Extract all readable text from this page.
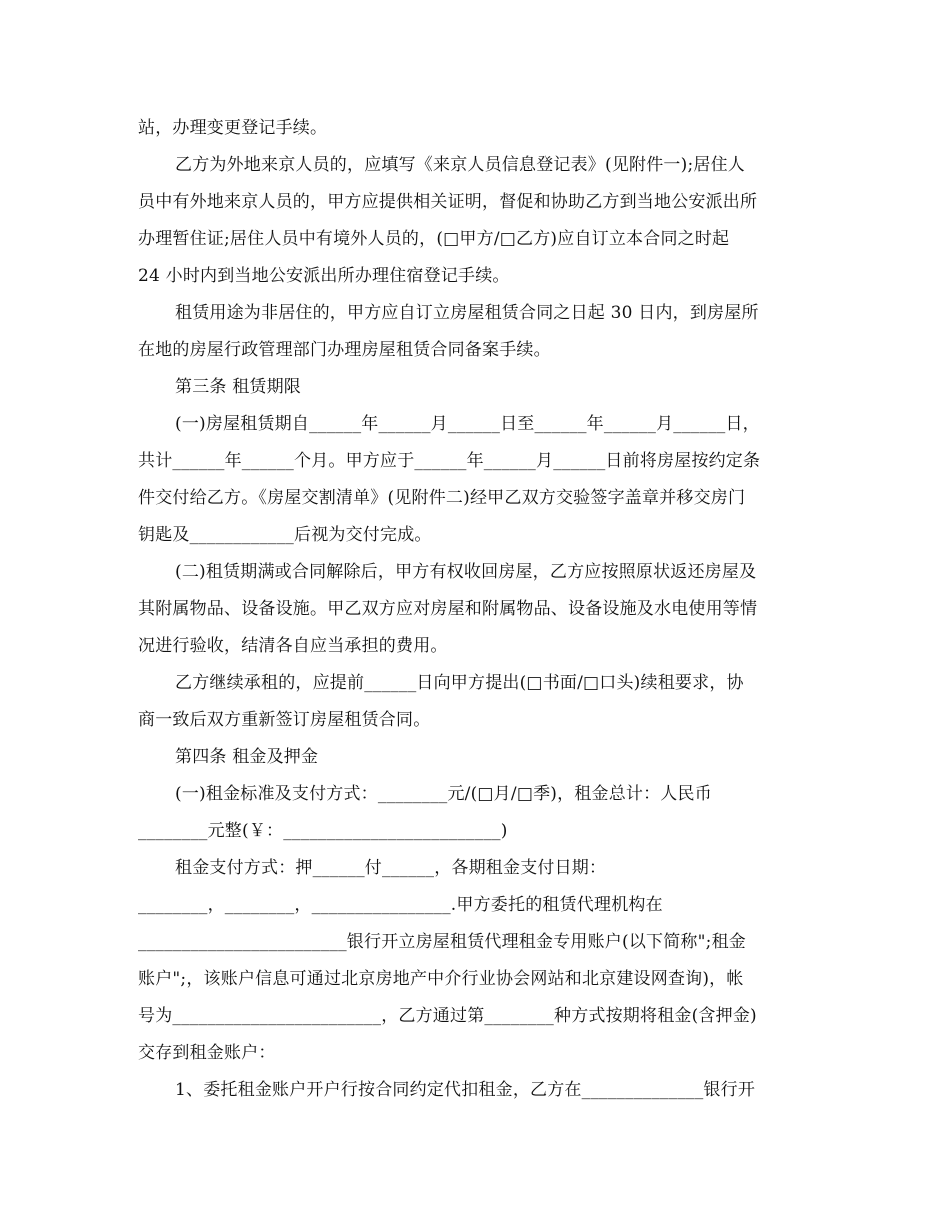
站，办理变更登记手续。
乙方为外地来京人员的，应填写《来京人员信息登记表》(见附件一);居住人
员中有外地来京人员的，甲方应提供相关证明，督促和协助乙方到当地公安派出所
办理暂住证;居住人员中有境外人员的，(□甲方/□乙方)应自订立本合同之时起
24 小时内到当地公安派出所办理住宿登记手续。
租赁用途为非居住的，甲方应自订立房屋租赁合同之日起 30 日内，到房屋所
在地的房屋行政管理部门办理房屋租赁合同备案手续。
第三条 租赁期限
(一)房屋租赁期自______年______月______日至______年______月______日，
共计______年______个月。甲方应于______年______月______日前将房屋按约定条
件交付给乙方。《房屋交割清单》(见附件二)经甲乙双方交验签字盖章并移交房门
钥匙及____________后视为交付完成。
(二)租赁期满或合同解除后，甲方有权收回房屋，乙方应按照原状返还房屋及
其附属物品、设备设施。甲乙双方应对房屋和附属物品、设备设施及水电使用等情
况进行验收，结清各自应当承担的费用。
乙方继续承租的，应提前______日向甲方提出(□书面/□口头)续租要求，协
商一致后双方重新签订房屋租赁合同。
第四条 租金及押金
(一)租金标准及支付方式：________元/(□月/□季)，租金总计：人民币
________元整(￥：_________________________)
租金支付方式：押______付______，各期租金支付日期：
________，________，________________.甲方委托的租赁代理机构在
________________________银行开立房屋租赁代理租金专用账户(以下简称";租金
账户";，该账户信息可通过北京房地产中介行业协会网站和北京建设网查询)，帐
号为________________________，乙方通过第________种方式按期将租金(含押金)
交存到租金账户：
1、委托租金账户开户行按合同约定代扣租金，乙方在______________银行开
